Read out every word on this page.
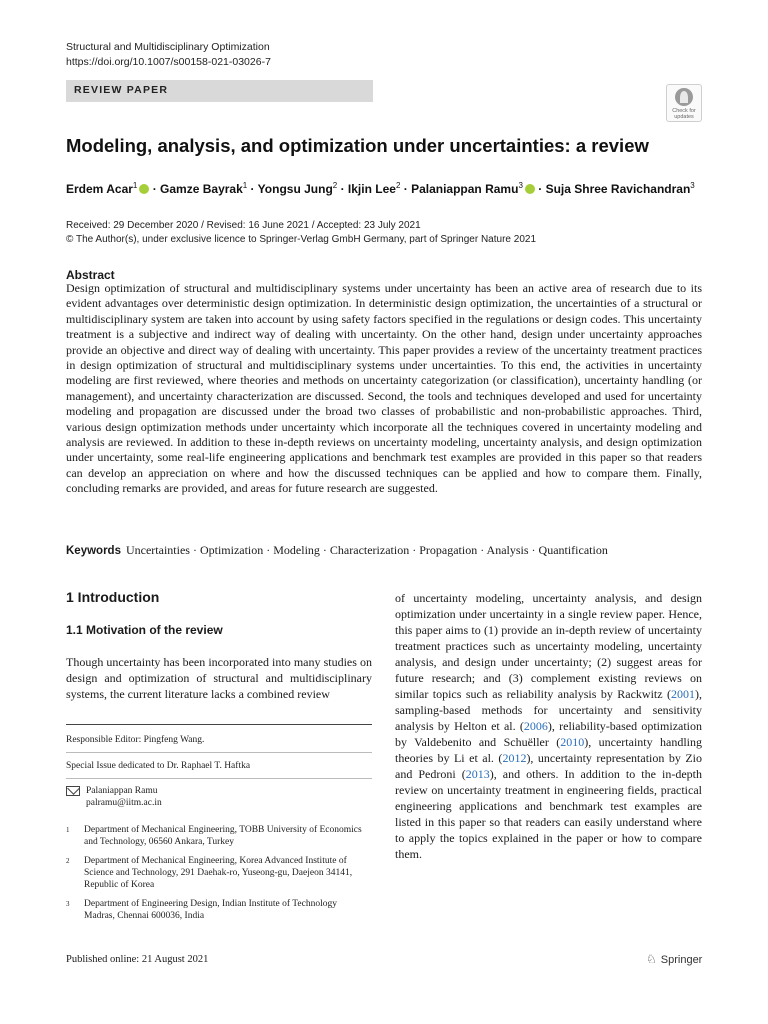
Structural and Multidisciplinary Optimization
https://doi.org/10.1007/s00158-021-03026-7
REVIEW PAPER
Check for
updates
Modeling, analysis, and optimization under uncertainties: a review
Erdem Acar$^1$ · Gamze Bayrak$^1$ · Yongsu Jung$^2$ · Ikjin Lee$^2$ · Palaniappan Ramu$^3$ · Suja Shree Ravichandran$^3$
Received: 29 December 2020 / Revised: 16 June 2021 / Accepted: 23 July 2021
© The Author(s), under exclusive licence to Springer-Verlag GmbH Germany, part of Springer Nature 2021
Abstract
Design optimization of structural and multidisciplinary systems under uncertainty has been an active area of research due to its evident advantages over deterministic design optimization. In deterministic design optimization, the uncertainties of a structural or multidisciplinary system are taken into account by using safety factors specified in the regulations or design codes. This uncertainty treatment is a subjective and indirect way of dealing with uncertainty. On the other hand, design under uncertainty approaches provide an objective and direct way of dealing with uncertainty. This paper provides a review of the uncertainty treatment practices in design optimization of structural and multidisciplinary systems under uncertainties. To this end, the activities in uncertainty modeling are first reviewed, where theories and methods on uncertainty categorization (or classification), uncertainty handling (or management), and uncertainty characterization are discussed. Second, the tools and techniques developed and used for uncertainty modeling and propagation are discussed under the broad two classes of probabilistic and non-probabilistic approaches. Third, various design optimization methods under uncertainty which incorporate all the techniques covered in uncertainty modeling and analysis are reviewed. In addition to these in-depth reviews on uncertainty modeling, uncertainty analysis, and design optimization under uncertainty, some real-life engineering applications and benchmark test examples are provided in this paper so that readers can develop an appreciation on where and how the discussed techniques can be applied and how to compare them. Finally, concluding remarks are provided, and areas for future research are suggested.
Keywords Uncertainties · Optimization · Modeling · Characterization · Propagation · Analysis · Quantification
1 Introduction
1.1 Motivation of the review
Though uncertainty has been incorporated into many studies on design and optimization of structural and multidisciplinary systems, the current literature lacks a combined review
of uncertainty modeling, uncertainty analysis, and design optimization under uncertainty in a single review paper. Hence, this paper aims to (1) provide an in-depth review of uncertainty treatment practices such as uncertainty modeling, uncertainty analysis, and design under uncertainty; (2) suggest areas for future research; and (3) complement existing reviews on similar topics such as reliability analysis by Rackwitz (2001), sampling-based methods for uncertainty and sensitivity analysis by Helton et al. (2006), reliability-based optimization by Valdebenito and Schuëller (2010), uncertainty handling theories by Li et al. (2012), uncertainty representation by Zio and Pedroni (2013), and others. In addition to the in-depth review on uncertainty treatment in engineering fields, practical engineering applications and benchmark test examples are listed in this paper so that readers can easily understand where to apply the topics explained in the paper or how to compare them.
Responsible Editor: Pingfeng Wang.
Special Issue dedicated to Dr. Raphael T. Haftka
Palaniappan Ramu
palramu@iitm.ac.in
1	Department of Mechanical Engineering, TOBB University of Economics and Technology, 06560 Ankara, Turkey
2	Department of Mechanical Engineering, Korea Advanced Institute of Science and Technology, 291 Daehak-ro, Yuseong-gu, Daejeon 34141, Republic of Korea
3	Department of Engineering Design, Indian Institute of Technology Madras, Chennai 600036, India
Published online: 21 August 2021	♘ Springer
